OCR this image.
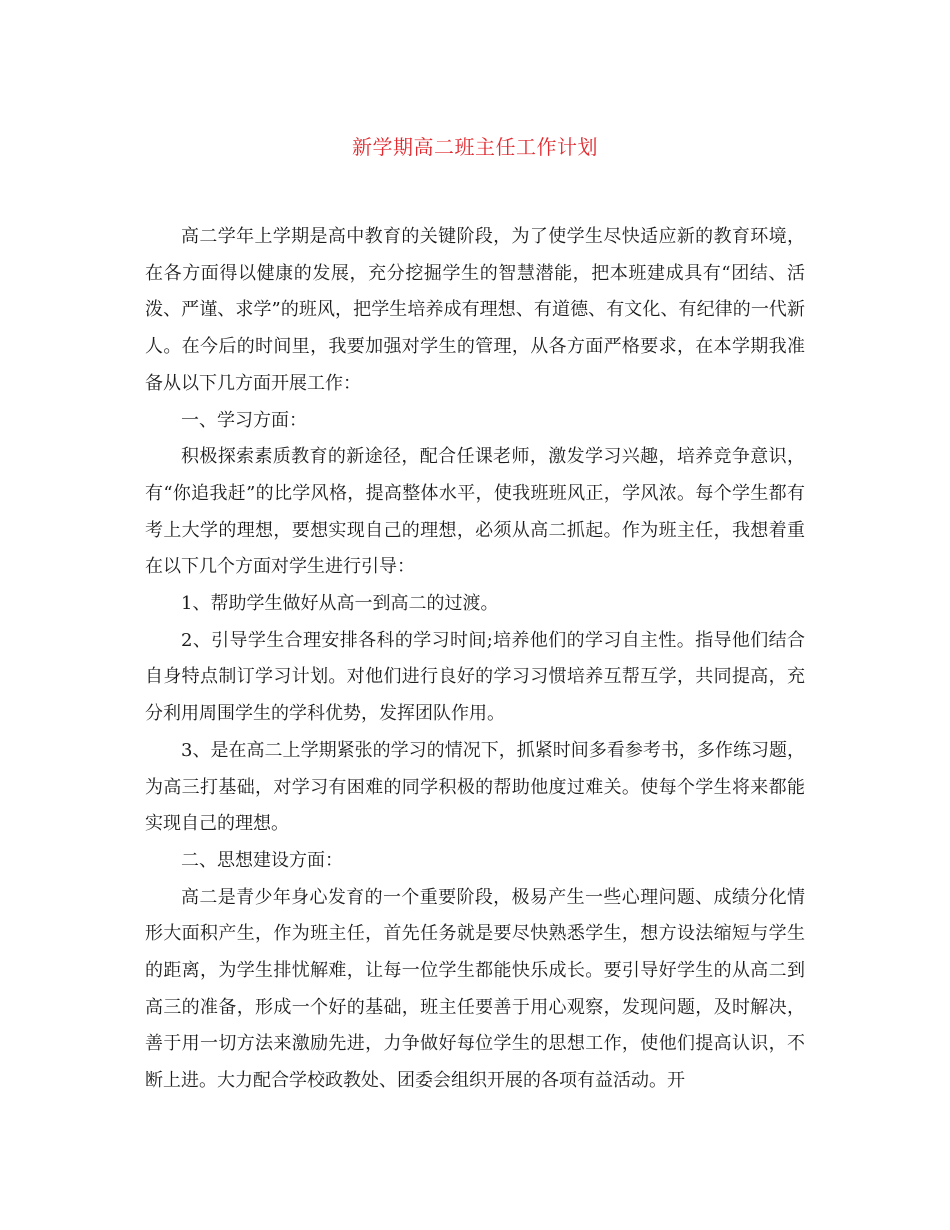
新学期高二班主任工作计划

高二学年上学期是高中教育的关键阶段，为了使学生尽快适应新的教育环境，在各方面得以健康的发展，充分挖掘学生的智慧潜能，把本班建成具有“团结、活泼、严谨、求学”的班风，把学生培养成有理想、有道德、有文化、有纪律的一代新人。在今后的时间里，我要加强对学生的管理，从各方面严格要求，在本学期我准备从以下几方面开展工作：

一、学习方面：

积极探索素质教育的新途径，配合任课老师，激发学习兴趣，培养竞争意识，有“你追我赶”的比学风格，提高整体水平，使我班班风正，学风浓。每个学生都有考上大学的理想，要想实现自己的理想，必须从高二抓起。作为班主任，我想着重在以下几个方面对学生进行引导：

1、帮助学生做好从高一到高二的过渡。

2、引导学生合理安排各科的学习时间;培养他们的学习自主性。指导他们结合自身特点制订学习计划。对他们进行良好的学习习惯培养互帮互学，共同提高，充分利用周围学生的学科优势，发挥团队作用。

3、是在高二上学期紧张的学习的情况下，抓紧时间多看参考书，多作练习题，为高三打基础，对学习有困难的同学积极的帮助他度过难关。使每个学生将来都能实现自己的理想。

二、思想建设方面：

高二是青少年身心发育的一个重要阶段，极易产生一些心理问题、成绩分化情形大面积产生，作为班主任，首先任务就是要尽快熟悉学生，想方设法缩短与学生的距离，为学生排忧解难，让每一位学生都能快乐成长。要引导好学生的从高二到高三的准备，形成一个好的基础，班主任要善于用心观察，发现问题，及时解决，善于用一切方法来激励先进，力争做好每位学生的思想工作，使他们提高认识，不断上进。大力配合学校政教处、团委会组织开展的各项有益活动。开
